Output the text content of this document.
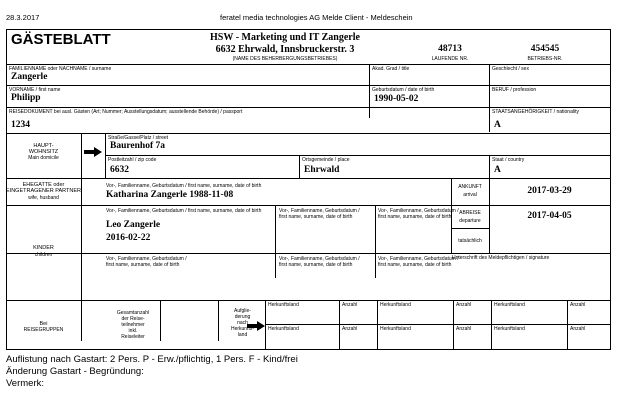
28.3.2017	feratel media technologies AG Melde Client - Meldeschein
GÄSTEBLATT	HSW - Marketing und IT Zangerle
6632 Ehrwald, Innsbruckerstr. 3
(NAME DES BEHERBERGUNGSBETRIEBES)
48713
LAUFENDE NR.
454545
BETRIEBS-NR.
FAMILIENNAME oder NACHNAME / surname
Zangerle
Akad. Grad / title	Geschlecht / sex
VORNAME / first name
Philipp
Geburtsdatum / date of birth
1990-05-02
BERUF / profession
REISEDOKUMENT bei ausl. Gästen (Art; Nummer; Ausstellungsdatum; ausstellende Behörde) / passport
1234
STAATSANGEHÖRIGKEIT / nationality
A
HAUPT-
WOHNSITZ
Main domicile
Straße/Gasse/Platz / street
Baurenhof 7a
Postleitzahl / zip code
6632
Ortsgemeinde / place
Ehrwald
Staat / country
A
EHEGATTE oder
EINGETRAGENER PARTNER
wife, husband
Vor-, Familienname, Geburtsdatum / first name, surname, date of birth
Katharina Zangerle 1988-11-08
ANKUNFT
arrival	2017-03-29
ABREISE
departure	2017-04-05
tatsächlich
Unterschrift des Meldepflichtigen / signature
KINDER
children
Vor-, Familienname, Geburtsdatum / first name, surname, date of birth
Leo Zangerle
2016-02-22
Vor-, Familienname, Geburtsdatum /
first name, surname, date of birth
Vor-, Familienname, Geburtsdatum /
first name, surname, date of birth
Vor-, Familienname, Geburtsdatum /
first name, surname, date of birth
Vor-, Familienname, Geburtsdatum /
first name, surname, date of birth
Vor-, Familienname, Geburtsdatum /
first name, surname, date of birth
Bei
REISEGRUPPEN
Gesamtanzahl
der Reise-
teilnehmer
inkl.
Reiseleiter
Aufglie-
derung
nach
Herkunfts-
land
Herkunftsland	Anzahl	Herkunftsland	Anzahl	Herkunftsland	Anzahl
Herkunftsland	Anzahl	Herkunftsland	Anzahl	Herkunftsland	Anzahl
Auflistung nach Gastart: 2 Pers. P - Erw./pflichtig, 1 Pers. F - Kind/frei
Änderung Gastart - Begründung:
Vermerk:
